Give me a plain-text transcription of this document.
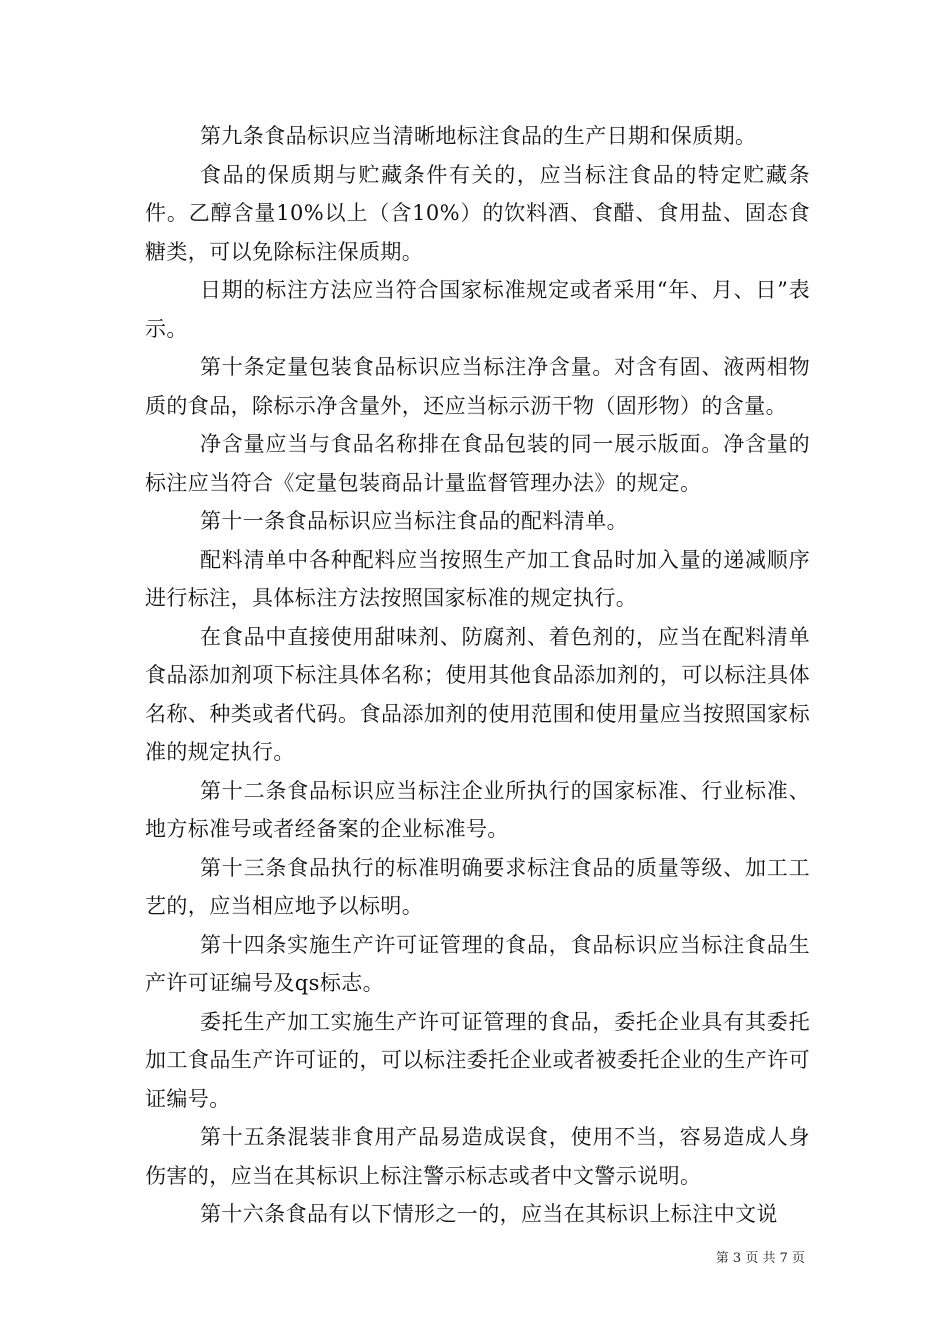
第九条食品标识应当清晰地标注食品的生产日期和保质期。

食品的保质期与贮藏条件有关的，应当标注食品的特定贮藏条件。乙醇含量10%以上（含10%）的饮料酒、食醋、食用盐、固态食糖类，可以免除标注保质期。

日期的标注方法应当符合国家标准规定或者采用“年、月、日”表示。

第十条定量包装食品标识应当标注净含量。对含有固、液两相物质的食品，除标示净含量外，还应当标示沥干物（固形物）的含量。

净含量应当与食品名称排在食品包装的同一展示版面。净含量的标注应当符合《定量包装商品计量监督管理办法》的规定。

第十一条食品标识应当标注食品的配料清单。

配料清单中各种配料应当按照生产加工食品时加入量的递减顺序进行标注，具体标注方法按照国家标准的规定执行。

在食品中直接使用甜味剂、防腐剂、着色剂的，应当在配料清单食品添加剂项下标注具体名称；使用其他食品添加剂的，可以标注具体名称、种类或者代码。食品添加剂的使用范围和使用量应当按照国家标准的规定执行。

第十二条食品标识应当标注企业所执行的国家标准、行业标准、地方标准号或者经备案的企业标准号。

第十三条食品执行的标准明确要求标注食品的质量等级、加工工艺的，应当相应地予以标明。

第十四条实施生产许可证管理的食品，食品标识应当标注食品生产许可证编号及qs标志。

委托生产加工实施生产许可证管理的食品，委托企业具有其委托加工食品生产许可证的，可以标注委托企业或者被委托企业的生产许可证编号。

第十五条混装非食用产品易造成误食，使用不当，容易造成人身伤害的，应当在其标识上标注警示标志或者中文警示说明。

第十六条食品有以下情形之一的，应当在其标识上标注中文说

第 3 页 共 7 页
